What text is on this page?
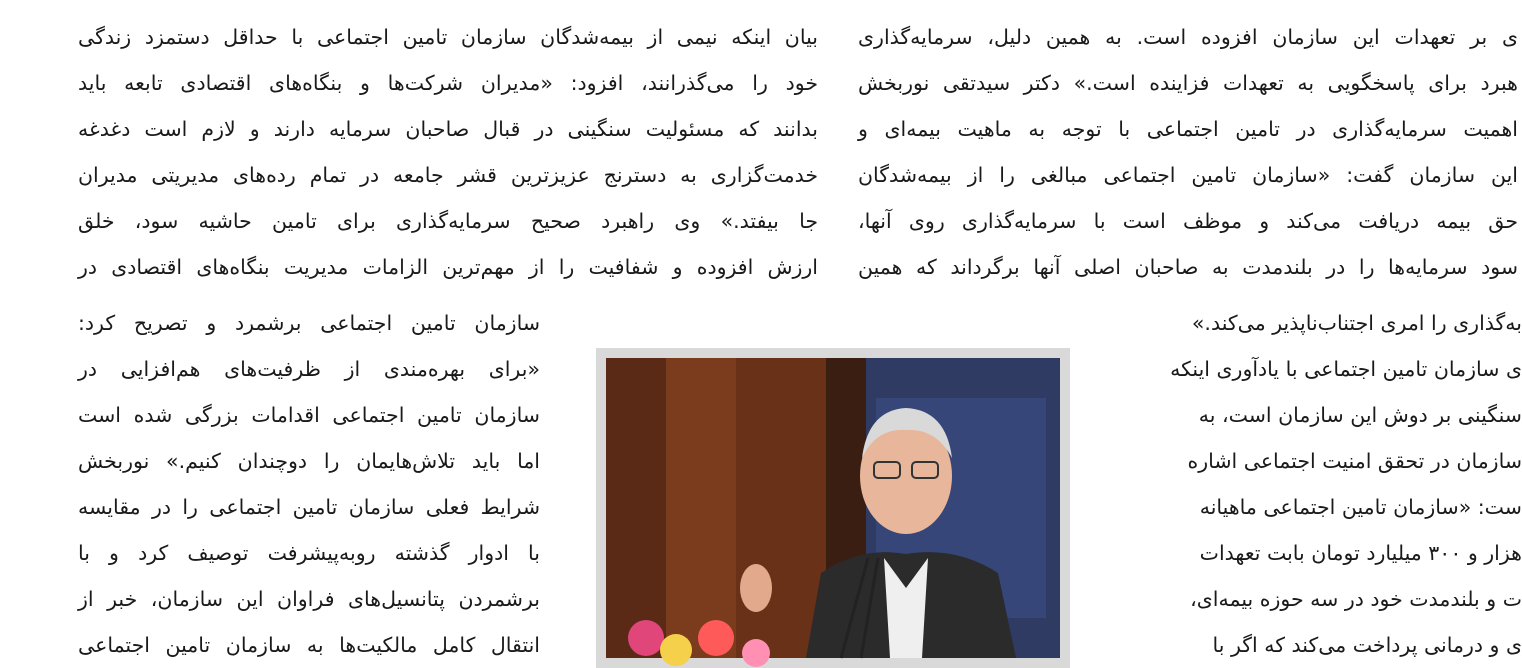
ی بر تعهدات این سازمان افزوده است. به همین دلیل، سرمایه‌گذاری
هبرد برای پاسخگویی به تعهدات فزاینده است.» دکتر سیدتقی نوربخش
اهمیت سرمایه‌گذاری در تامین اجتماعی با توجه به ماهیت بیمه‌ای و
این سازمان گفت: «سازمان تامین اجتماعی مبالغی را از بیمه‌شدگان
حق بیمه دریافت می‌کند و موظف است با سرمایه‌گذاری روی آنها،
سود سرمایه‌ها را در بلندمدت به صاحبان اصلی آنها برگرداند که همین
به‌گذاری را امری اجتناب‌ناپذیر می‌کند.»
ی سازمان تامین اجتماعی با یادآوری اینکه
سنگینی بر دوش این سازمان است، به
سازمان در تحقق امنیت اجتماعی اشاره
ست: «سازمان تامین اجتماعی ماهیانه
هزار و ۳۰۰ میلیارد تومان بابت تعهدات
ت و بلندمدت خود در سه حوزه بیمه‌ای،
ی و درمانی پرداخت می‌کند که اگر با
بیان اینکه نیمی از بیمه‌شدگان سازمان تامین اجتماعی با حداقل دستمزد زندگی
خود را می‌گذرانند، افزود: «مدیران شرکت‌ها و بنگاه‌های اقتصادی تابعه باید
بدانند که مسئولیت سنگینی در قبال صاحبان سرمایه دارند و لازم است دغدغه
خدمت‌گزاری به دسترنج عزیزترین قشر جامعه در تمام رده‌های مدیریتی مدیران
جا بیفتد.» وی راهبرد صحیح سرمایه‌گذاری برای تامین حاشیه سود، خلق
ارزش افزوده و شفافیت را از مهم‌ترین الزامات مدیریت بنگاه‌های اقتصادی در
سازمان تامین اجتماعی برشمرد و تصریح کرد:
«برای بهره‌مندی از ظرفیت‌های هم‌افزایی در
سازمان تامین اجتماعی اقدامات بزرگی شده است
اما باید تلاش‌هایمان را دوچندان کنیم.» نوربخش
شرایط فعلی سازمان تامین اجتماعی را در مقایسه
با ادوار گذشته روبه‌پیشرفت توصیف کرد و با
برشمردن پتانسیل‌های فراوان این سازمان، خبر از
انتقال کامل مالکیت‌ها به سازمان تامین اجتماعی
